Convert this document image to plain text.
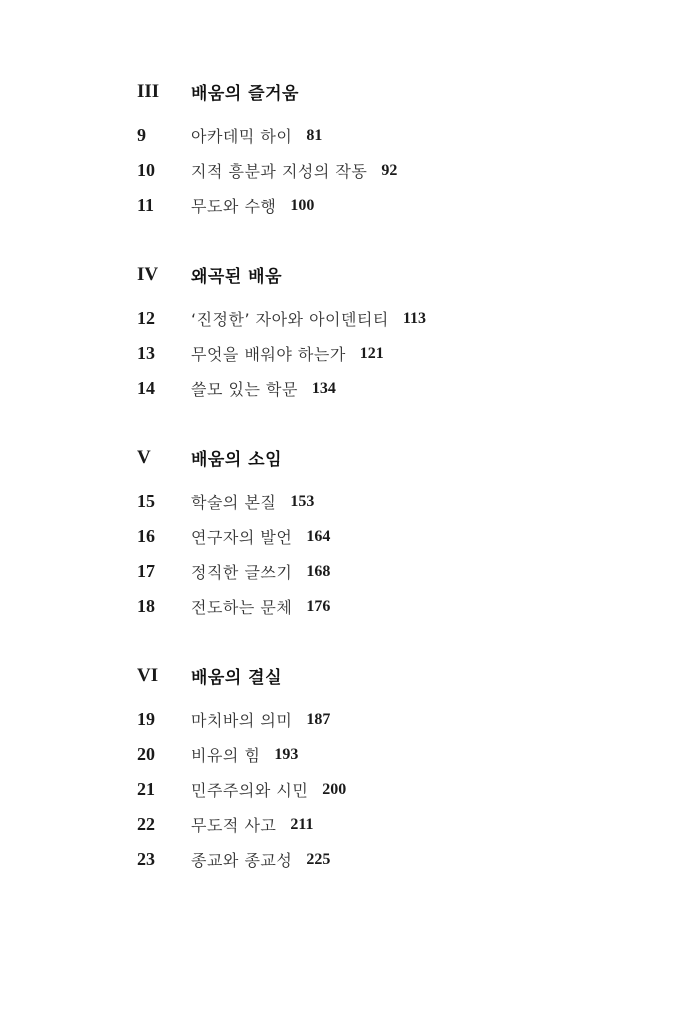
III	배움의 즐거움
9	아카데믹 하이 81
10	지적 흥분과 지성의 작동 92
11	무도와 수행 100
IV	왜곡된 배움
12	‘진정한’ 자아와 아이덴티티 113
13	무엇을 배워야 하는가 121
14	쓸모 있는 학문 134
V	배움의 소임
15	학술의 본질 153
16	연구자의 발언 164
17	정직한 글쓰기 168
18	전도하는 문체 176
VI	배움의 결실
19	마치바의 의미 187
20	비유의 힘 193
21	민주주의와 시민 200
22	무도적 사고 211
23	종교와 종교성 225
